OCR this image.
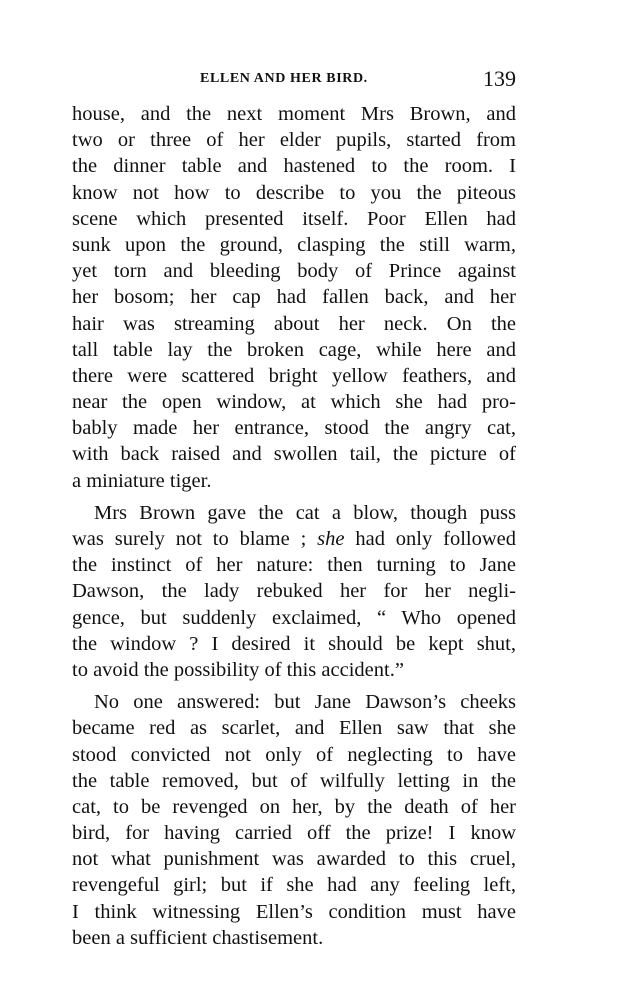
ELLEN AND HER BIRD.	139
house, and the next moment Mrs Brown, and
two or three of her elder pupils, started from
the dinner table and hastened to the room. I
know not how to describe to you the piteous
scene which presented itself. Poor Ellen had
sunk upon the ground, clasping the still warm,
yet torn and bleeding body of Prince against
her bosom; her cap had fallen back, and her
hair was streaming about her neck. On the
tall table lay the broken cage, while here and
there were scattered bright yellow feathers, and
near the open window, at which she had pro-
bably made her entrance, stood the angry cat,
with back raised and swollen tail, the picture of
a miniature tiger.
Mrs Brown gave the cat a blow, though puss
was surely not to blame ; she had only followed
the instinct of her nature: then turning to Jane
Dawson, the lady rebuked her for her negli-
gence, but suddenly exclaimed, “ Who opened
the window ? I desired it should be kept shut,
to avoid the possibility of this accident.”
No one answered: but Jane Dawson’s cheeks
became red as scarlet, and Ellen saw that she
stood convicted not only of neglecting to have
the table removed, but of wilfully letting in the
cat, to be revenged on her, by the death of her
bird, for having carried off the prize! I know
not what punishment was awarded to this cruel,
revengeful girl; but if she had any feeling left,
I think witnessing Ellen’s condition must have
been a sufficient chastisement.
